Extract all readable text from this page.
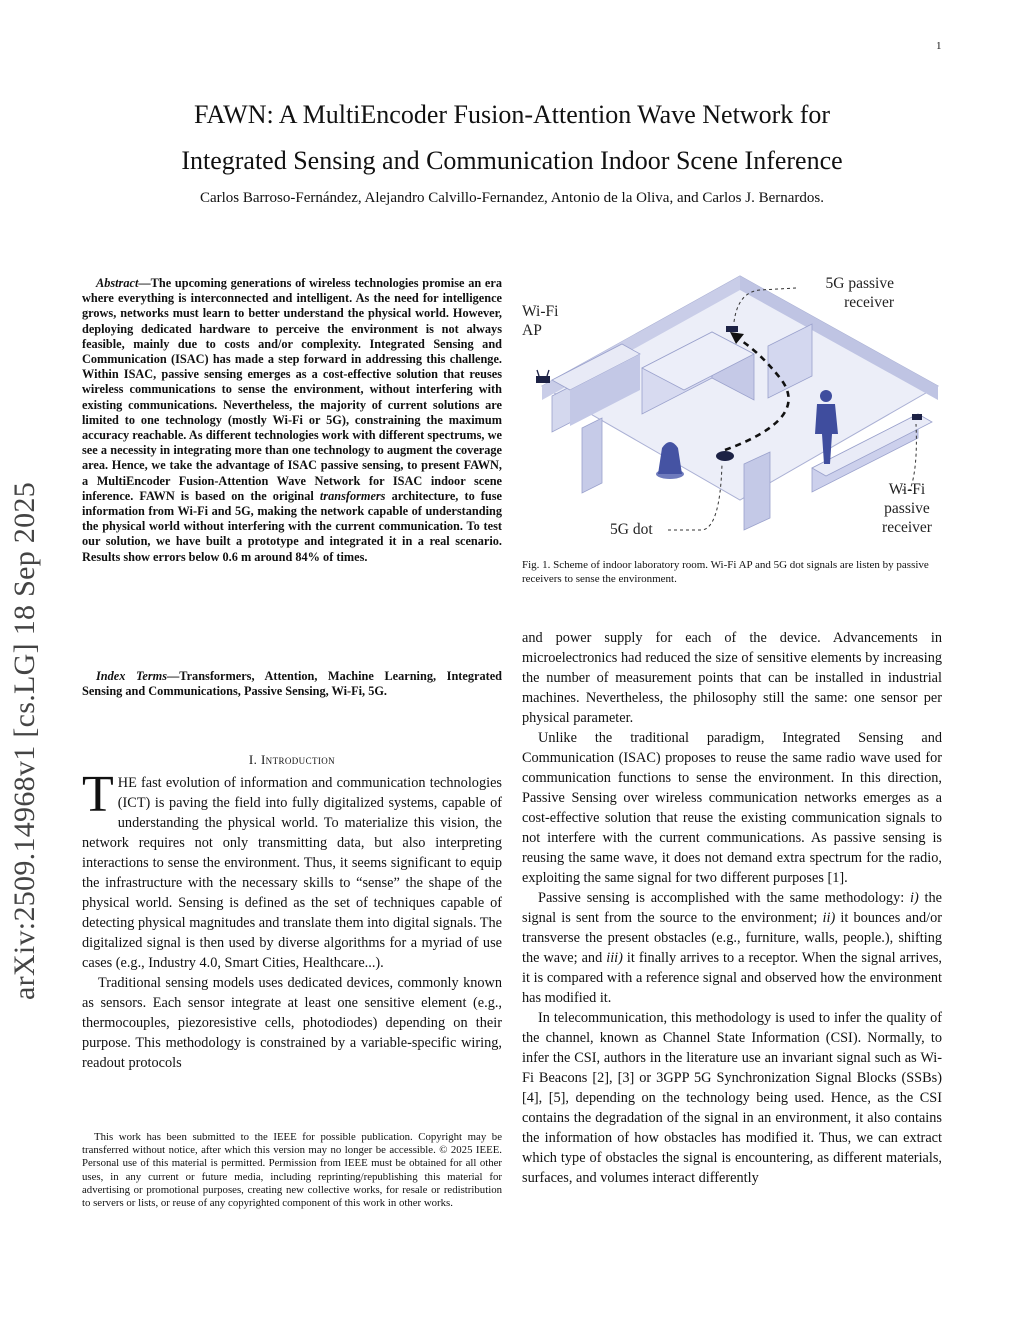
1
FAWN: A MultiEncoder Fusion-Attention Wave Network for
Integrated Sensing and Communication Indoor Scene Inference
Carlos Barroso-Fernández, Alejandro Calvillo-Fernandez, Antonio de la Oliva, and Carlos J. Bernardos.
arXiv:2509.14968v1 [cs.LG] 18 Sep 2025
Abstract—The upcoming generations of wireless technologies promise an era where everything is interconnected and intelligent. As the need for intelligence grows, networks must learn to better understand the physical world. However, deploying dedicated hardware to perceive the environment is not always feasible, mainly due to costs and/or complexity. Integrated Sensing and Communication (ISAC) has made a step forward in addressing this challenge. Within ISAC, passive sensing emerges as a cost-effective solution that reuses wireless communications to sense the environment, without interfering with existing communications. Nevertheless, the majority of current solutions are limited to one technology (mostly Wi-Fi or 5G), constraining the maximum accuracy reachable. As different technologies work with different spectrums, we see a necessity in integrating more than one technology to augment the coverage area. Hence, we take the advantage of ISAC passive sensing, to present FAWN, a MultiEncoder Fusion-Attention Wave Network for ISAC indoor scene inference. FAWN is based on the original transformers architecture, to fuse information from Wi-Fi and 5G, making the network capable of understanding the physical world without interfering with the current communication. To test our solution, we have built a prototype and integrated it in a real scenario. Results show errors below 0.6 m around 84% of times.
Index Terms—Transformers, Attention, Machine Learning, Integrated Sensing and Communications, Passive Sensing, Wi-Fi, 5G.
I. Introduction

THE fast evolution of information and communication technologies (ICT) is paving the field into fully digitalized systems, capable of understanding the physical world. To materialize this vision, the network requires not only transmitting data, but also interpreting interactions to sense the environment. Thus, it seems significant to equip the infrastructure with the necessary skills to “sense” the shape of the physical world. Sensing is defined as the set of techniques capable of detecting physical magnitudes and translate them into digital signals. The digitalized signal is then used by diverse algorithms for a myriad of use cases (e.g., Industry 4.0, Smart Cities, Healthcare...).

Traditional sensing models uses dedicated devices, commonly known as sensors. Each sensor integrate at least one sensitive element (e.g., thermocouples, piezoresistive cells, photodiodes) depending on their purpose. This methodology is constrained by a variable-specific wiring, readout protocols

This work has been submitted to the IEEE for possible publication. Copyright may be transferred without notice, after which this version may no longer be accessible. © 2025 IEEE. Personal use of this material is permitted. Permission from IEEE must be obtained for all other uses, in any current or future media, including reprinting/republishing this material for advertising or promotional purposes, creating new collective works, for resale or redistribution to servers or lists, or reuse of any copyrighted component of this work in other works.
Wi-Fi
AP
5G passive
receiver
Wi-Fi
passive
receiver
5G dot
Fig. 1. Scheme of indoor laboratory room. Wi-Fi AP and 5G dot signals are listen by passive receivers to sense the environment.

and power supply for each of the device. Advancements in microelectronics had reduced the size of sensitive elements by increasing the number of measurement points that can be installed in industrial machines. Nevertheless, the philosophy still the same: one sensor per physical parameter.

Unlike the traditional paradigm, Integrated Sensing and Communication (ISAC) proposes to reuse the same radio wave used for communication functions to sense the environment. In this direction, Passive Sensing over wireless communication networks emerges as a cost-effective solution that reuse the existing communication signals to not interfere with the current communications. As passive sensing is reusing the same wave, it does not demand extra spectrum for the radio, exploiting the same signal for two different purposes [1].

Passive sensing is accomplished with the same methodology: i) the signal is sent from the source to the environment; ii) it bounces and/or transverse the present obstacles (e.g., furniture, walls, people.), shifting the wave; and iii) it finally arrives to a receptor. When the signal arrives, it is compared with a reference signal and observed how the environment has modified it.

In telecommunication, this methodology is used to infer the quality of the channel, known as Channel State Information (CSI). Normally, to infer the CSI, authors in the literature use an invariant signal such as Wi-Fi Beacons [2], [3] or 3GPP 5G Synchronization Signal Blocks (SSBs) [4], [5], depending on the technology being used. Hence, as the CSI contains the degradation of the signal in an environment, it also contains the information of how obstacles has modified it. Thus, we can extract which type of obstacles the signal is encountering, as different materials, surfaces, and volumes interact differently
